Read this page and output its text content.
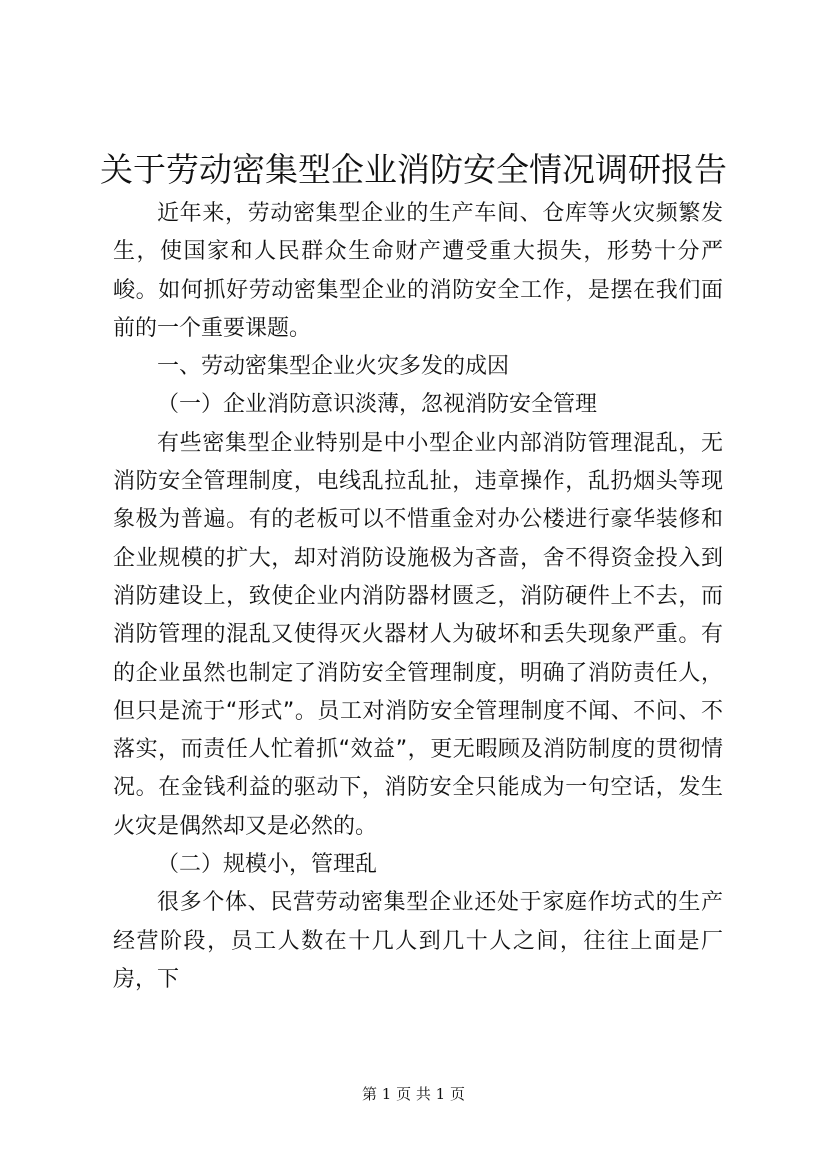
关于劳动密集型企业消防安全情况调研报告

近年来，劳动密集型企业的生产车间、仓库等火灾频繁发生，使国家和人民群众生命财产遭受重大损失，形势十分严峻。如何抓好劳动密集型企业的消防安全工作，是摆在我们面前的一个重要课题。

一、劳动密集型企业火灾多发的成因

（一）企业消防意识淡薄，忽视消防安全管理

有些密集型企业特别是中小型企业内部消防管理混乱，无消防安全管理制度，电线乱拉乱扯，违章操作，乱扔烟头等现象极为普遍。有的老板可以不惜重金对办公楼进行豪华装修和企业规模的扩大，却对消防设施极为吝啬，舍不得资金投入到消防建设上，致使企业内消防器材匮乏，消防硬件上不去，而消防管理的混乱又使得灭火器材人为破坏和丢失现象严重。有的企业虽然也制定了消防安全管理制度，明确了消防责任人，但只是流于“形式”。员工对消防安全管理制度不闻、不问、不落实，而责任人忙着抓“效益”，更无暇顾及消防制度的贯彻情况。在金钱利益的驱动下，消防安全只能成为一句空话，发生火灾是偶然却又是必然的。

（二）规模小，管理乱

很多个体、民营劳动密集型企业还处于家庭作坊式的生产经营阶段，员工人数在十几人到几十人之间，往往上面是厂房，下

第 1 页 共 1 页
